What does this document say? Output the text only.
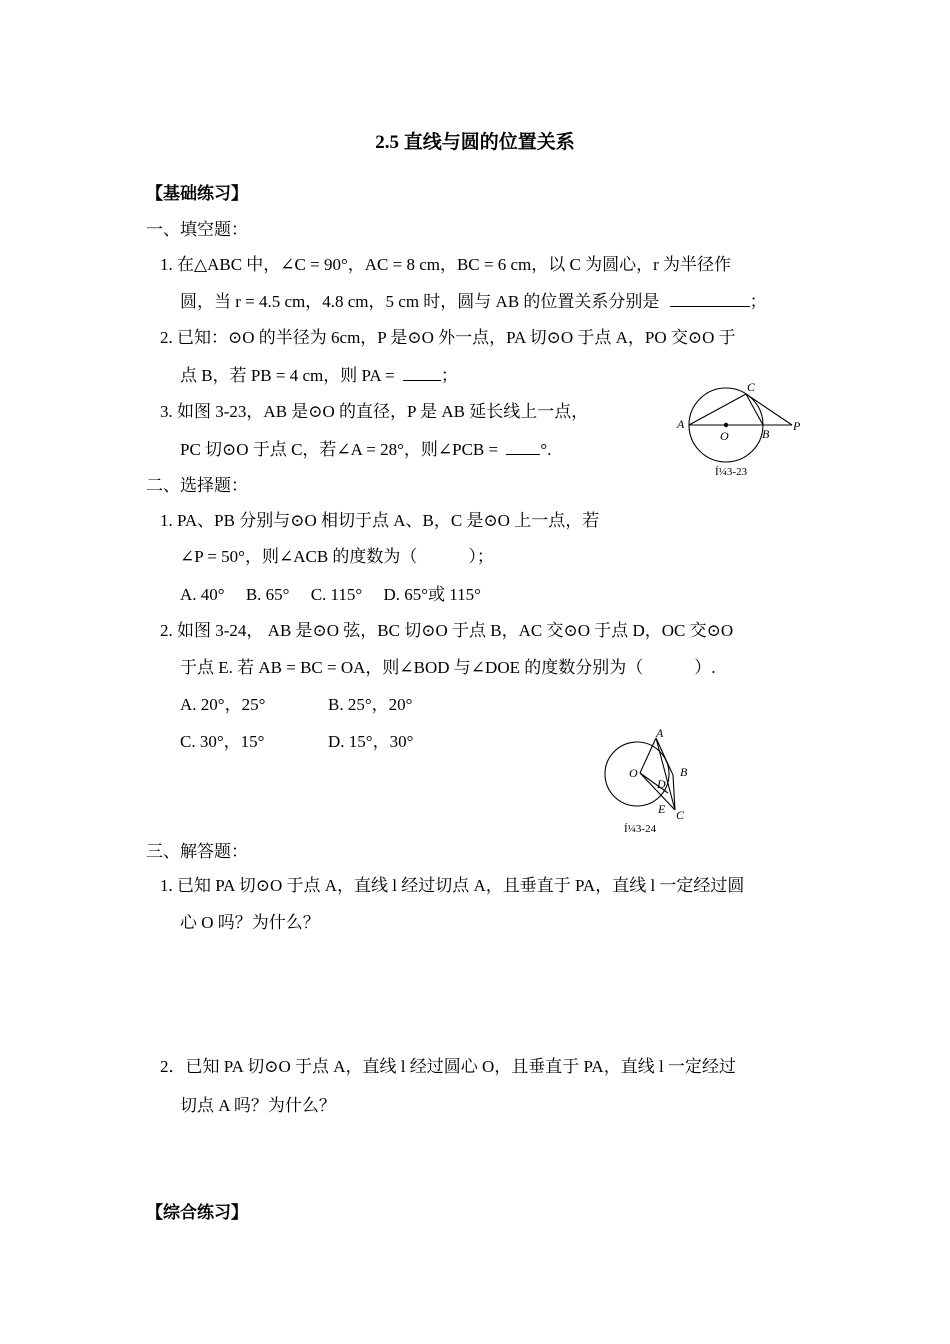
2.5 直线与圆的位置关系
【基础练习】
一、填空题：
1. 在△ABC 中，∠C = 90°，AC = 8 cm，BC = 6 cm，以 C 为圆心，r 为半径作
圆，当 r = 4.5 cm，4.8 cm，5 cm 时，圆与 AB 的位置关系分别是	；
2. 已知：⊙O 的半径为 6cm，P 是⊙O 外一点，PA 切⊙O 于点 A，PO 交⊙O 于
点 B，若 PB = 4 cm，则 PA =	；
3. 如图 3-23，AB 是⊙O 的直径，P 是 AB 延长线上一点，
PC 切⊙O 于点 C，若∠A = 28°，则∠PCB = °.
A
O	B
C
P
Í¼3-23
二、选择题：
1. PA、PB 分别与⊙O 相切于点 A、B，C 是⊙O 上一点，若
∠P = 50°，则∠ACB 的度数为（　　　）；
A. 40°　 B. 65°　 C. 115°　 D. 65°或 115°
2. 如图 3-24， AB 是⊙O 弦，BC 切⊙O 于点 B，AC 交⊙O 于点 D，OC 交⊙O
于点 E. 若 AB = BC = OA，则∠BOD 与∠DOE 的度数分别为（　　　）.
A. 20°，25°	B. 25°，20°
C. 30°，15°	D. 15°，30°	A
O
D
B
E C
Í¼3-24
三、解答题：
1. 已知 PA 切⊙O 于点 A，直线 l 经过切点 A，且垂直于 PA，直线 l 一定经过圆
心 O 吗？为什么？
2．已知 PA 切⊙O 于点 A，直线 l 经过圆心 O，且垂直于 PA，直线 l 一定经过
切点 A 吗？为什么？
【综合练习】
